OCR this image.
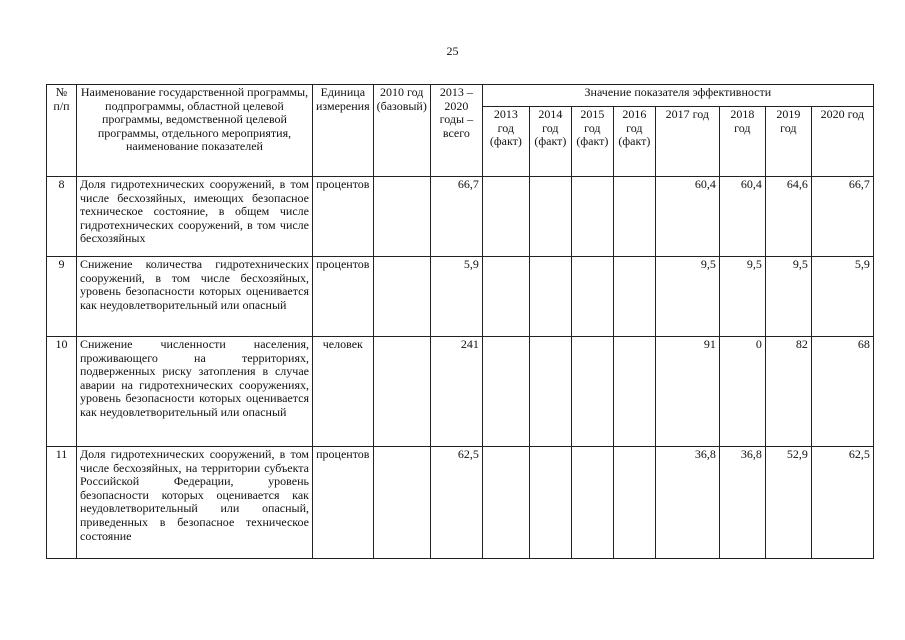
25
№
п/п	Наименование государственной программы, подпрограммы, областной целевой программы, ведомственной целевой программы, отдельного мероприятия, наименование показателей	Единица измерения	2010 год (базовый)	2013 – 2020 годы – всего	Значение показателя эффективности							
					2013 год (факт)	2014 год (факт)	2015 год (факт)	2016 год (факт)	2017 год	2018 год	2019 год	2020 год
8	Доля гидротехнических сооружений, в том числе бесхозяйных, имеющих безопасное техническое состояние, в общем числе гидротехнических сооружений, в том числе бесхозяйных	процентов		66,7					60,4	60,4	64,6	66,7
9	Снижение количества гидротехнических сооружений, в том числе бесхозяйных, уровень безопасности которых оценивается как неудовлетворительный или опасный	процентов		5,9					9,5	9,5	9,5	5,9
10	Снижение численности населения, проживающего на территориях, подверженных риску затопления в случае аварии на гидротехнических сооружениях, уровень безопасности которых оценивается как неудовлетворительный или опасный	человек		241					91	0	82	68
11	Доля гидротехнических сооружений, в том числе бесхозяйных, на территории субъекта Российской Федерации, уровень безопасности которых оценивается как неудовлетворительный или опасный, приведенных в безопасное техническое состояние	процентов		62,5					36,8	36,8	52,9	62,5
